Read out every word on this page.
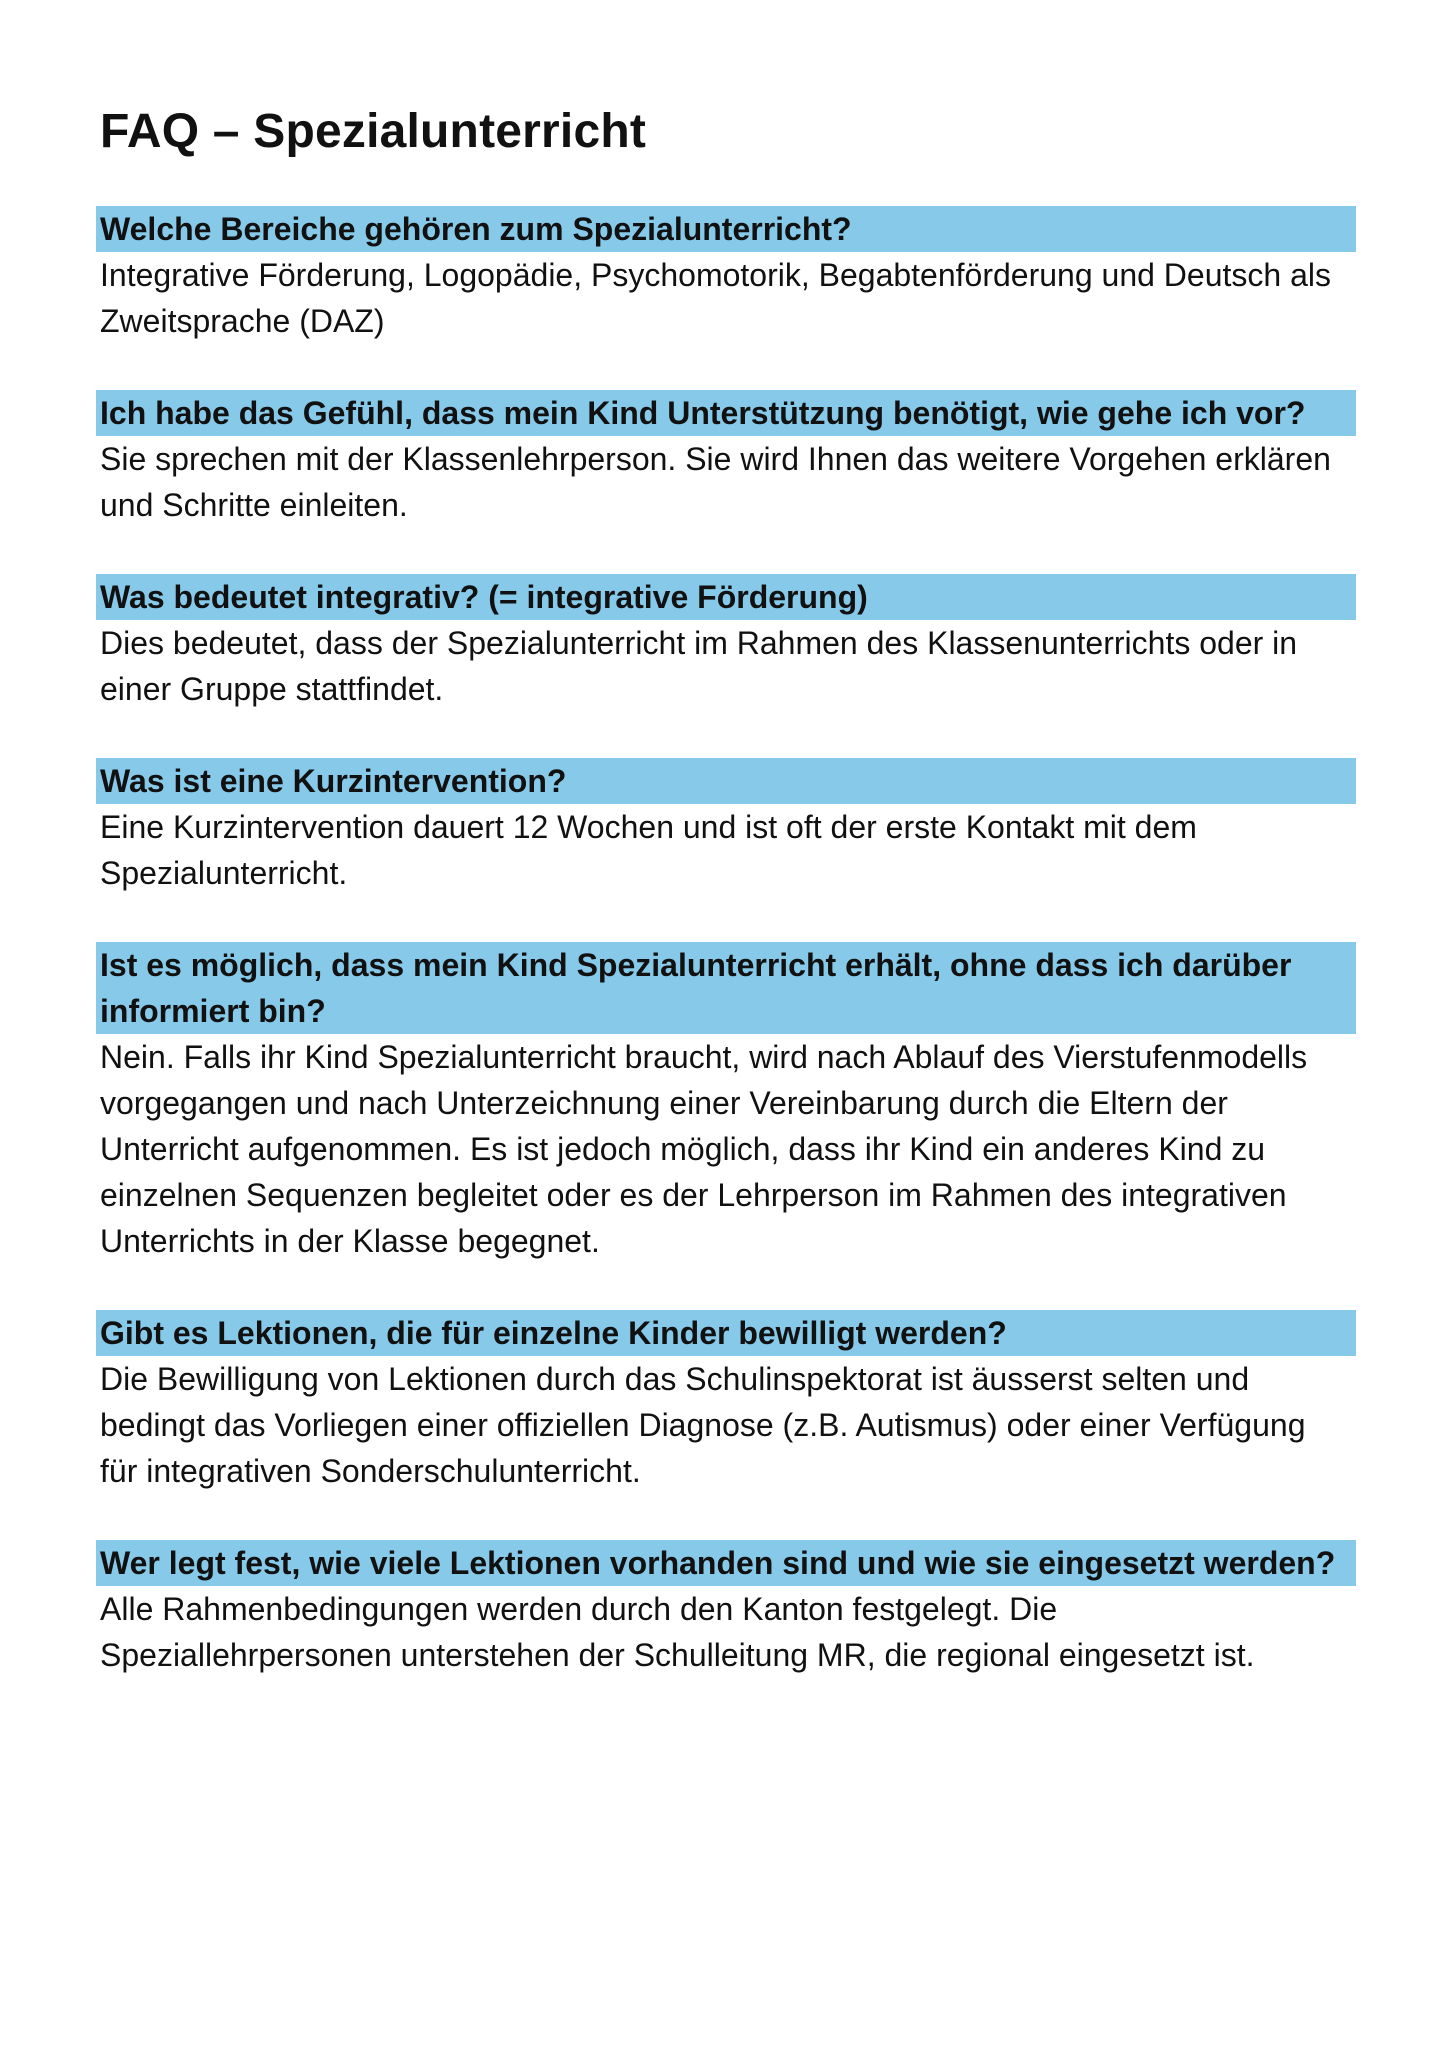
FAQ – Spezialunterricht
Welche Bereiche gehören zum Spezialunterricht?
Integrative Förderung, Logopädie, Psychomotorik, Begabtenförderung und Deutsch als Zweitsprache (DAZ)
Ich habe das Gefühl, dass mein Kind Unterstützung benötigt, wie gehe ich vor?
Sie sprechen mit der Klassenlehrperson. Sie wird Ihnen das weitere Vorgehen erklären und Schritte einleiten.
Was bedeutet integrativ? (= integrative Förderung)
Dies bedeutet, dass der Spezialunterricht im Rahmen des Klassenunterrichts oder in einer Gruppe stattfindet.
Was ist eine Kurzintervention?
Eine Kurzintervention dauert 12 Wochen und ist oft der erste Kontakt mit dem Spezialunterricht.
Ist es möglich, dass mein Kind Spezialunterricht erhält, ohne dass ich darüber informiert bin?
Nein. Falls ihr Kind Spezialunterricht braucht, wird nach Ablauf des Vierstufenmodells vorgegangen und nach Unterzeichnung einer Vereinbarung durch die Eltern der Unterricht aufgenommen. Es ist jedoch möglich, dass ihr Kind ein anderes Kind zu einzelnen Sequenzen begleitet oder es der Lehrperson im Rahmen des integrativen Unterrichts in der Klasse begegnet.
Gibt es Lektionen, die für einzelne Kinder bewilligt werden?
Die Bewilligung von Lektionen durch das Schulinspektorat ist äusserst selten und bedingt das Vorliegen einer offiziellen Diagnose (z.B. Autismus) oder einer Verfügung für integrativen Sonderschulunterricht.
Wer legt fest, wie viele Lektionen vorhanden sind und wie sie eingesetzt werden?
Alle Rahmenbedingungen werden durch den Kanton festgelegt. Die Speziallehrpersonen unterstehen der Schulleitung MR, die regional eingesetzt ist.
